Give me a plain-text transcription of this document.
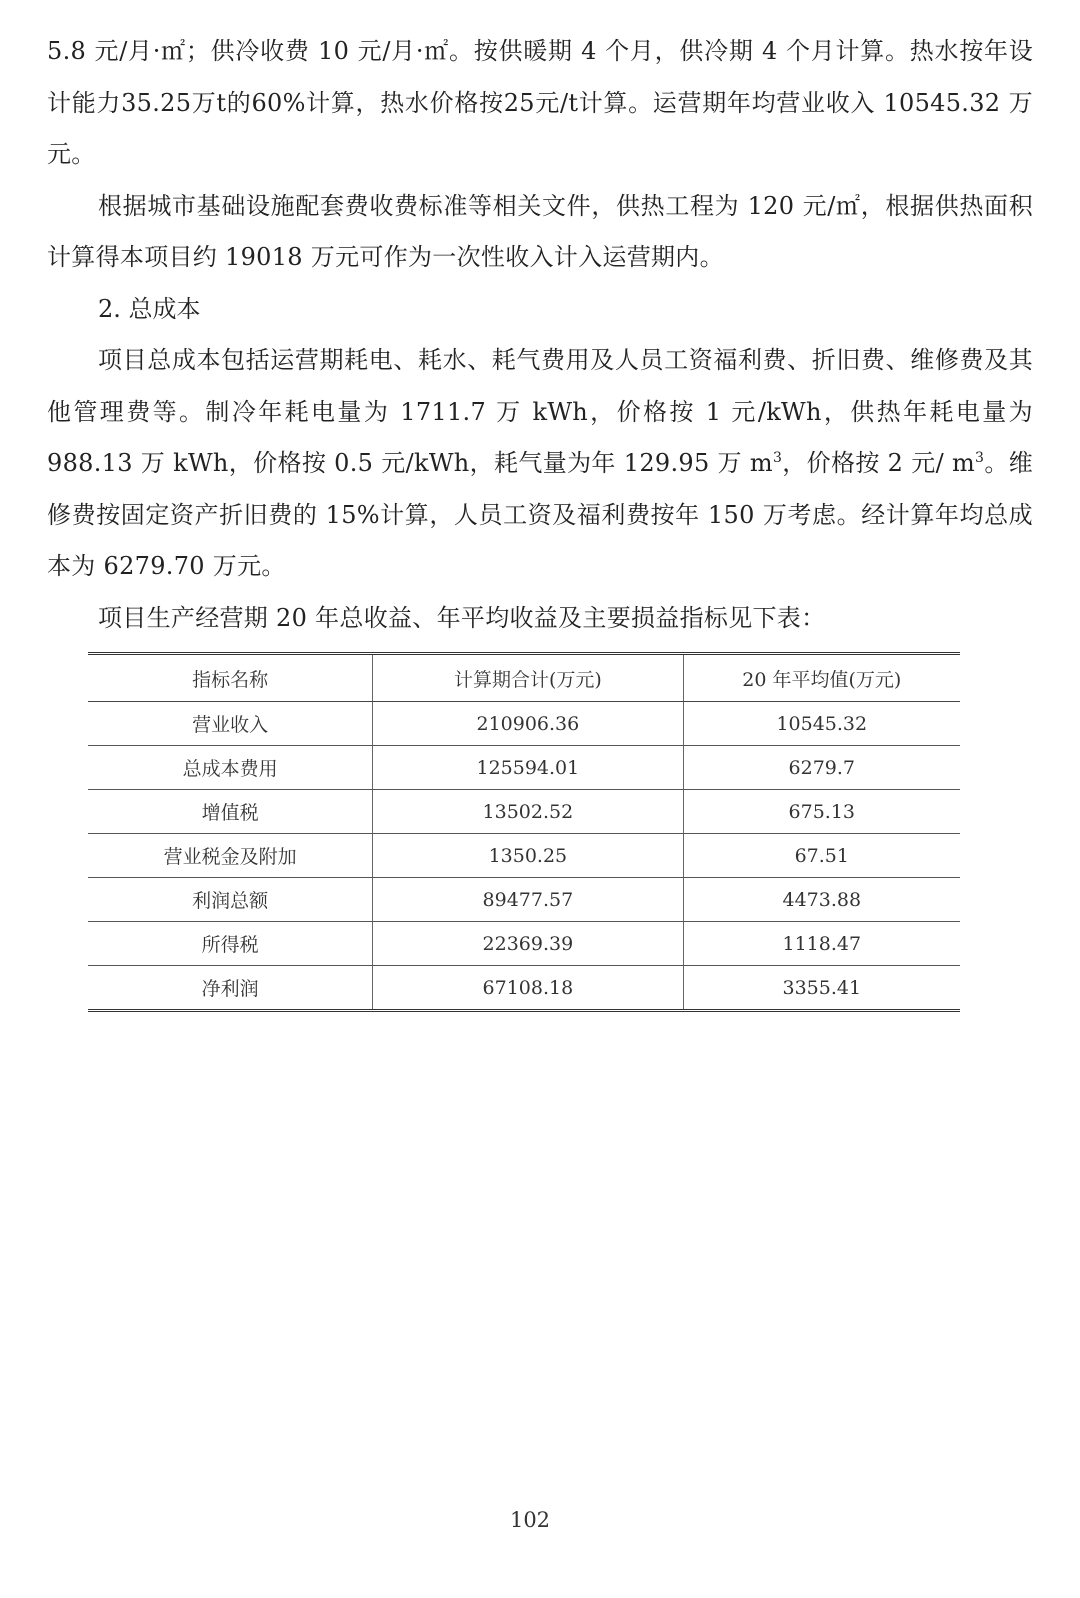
5.8 元/月·㎡；供冷收费 10 元/月·㎡。按供暖期 4 个月，供冷期 4 个月计算。热水按年设计能力35.25万t的60%计算，热水价格按25元/t计算。运营期年均营业收入 10545.32 万元。

根据城市基础设施配套费收费标准等相关文件，供热工程为 120 元/㎡，根据供热面积计算得本项目约 19018 万元可作为一次性收入计入运营期内。

2. 总成本

项目总成本包括运营期耗电、耗水、耗气费用及人员工资福利费、折旧费、维修费及其他管理费等。制冷年耗电量为 1711.7 万 kWh，价格按 1 元/kWh，供热年耗电量为 988.13 万 kWh，价格按 0.5 元/kWh，耗气量为年 129.95 万 $m^3$，价格按 2 元/ $m^3$。维修费按固定资产折旧费的 15%计算，人员工资及福利费按年 150 万考虑。经计算年均总成本为 6279.70 万元。

项目生产经营期 20 年总收益、年平均收益及主要损益指标见下表：

指标名称	计算期合计(万元)	20 年平均值(万元)
营业收入	210906.36	10545.32
总成本费用	125594.01	6279.7
增值税	13502.52	675.13
营业税金及附加	1350.25	67.51
利润总额	89477.57	4473.88
所得税	22369.39	1118.47
净利润	67108.18	3355.41
102
